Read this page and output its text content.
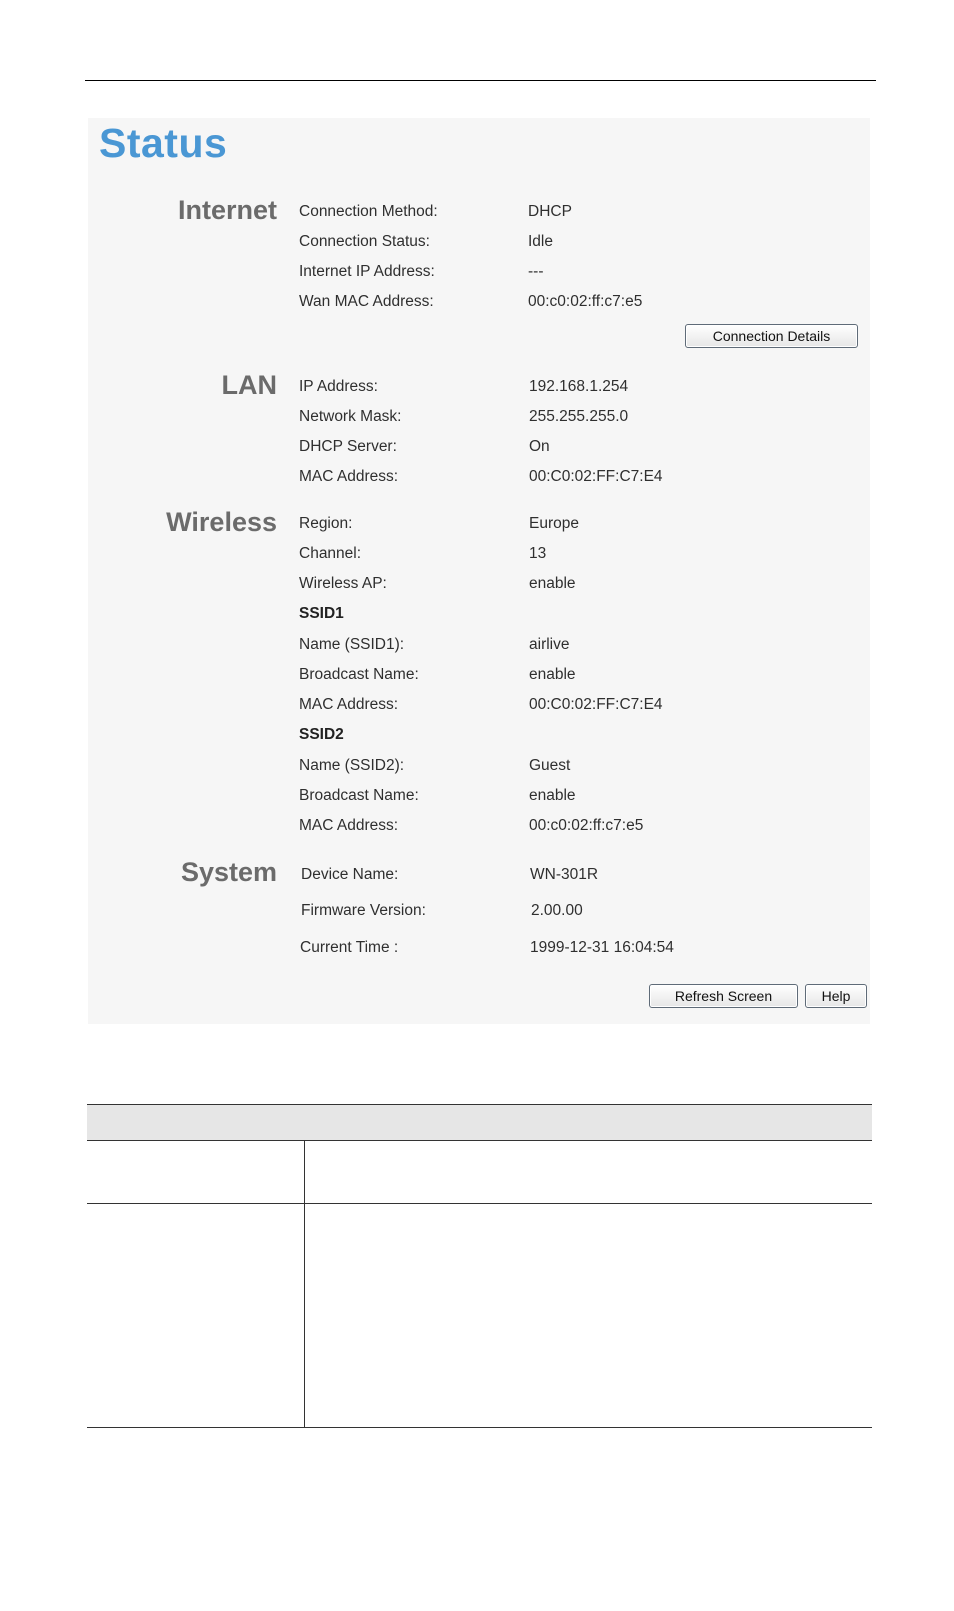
Status
Internet Connection Method:	DHCP
Connection Status:	Idle
Internet IP Address:	---
Wan MAC Address:	00:c0:02:ff:c7:e5
Connection Details
LAN IP Address:	192.168.1.254
Network Mask:	255.255.255.0
DHCP Server:	On
MAC Address:	00:C0:02:FF:C7:E4
Wireless Region:	Europe
Channel:	13
Wireless AP:	enable
SSID1
Name (SSID1):	airlive
Broadcast Name:	enable
MAC Address:	00:C0:02:FF:C7:E4
SSID2
Name (SSID2):	Guest
Broadcast Name:	enable
MAC Address:	00:c0:02:ff:c7:e5
System Device Name:	WN-301R
Firmware Version:	2.00.00
Current Time :	1999-12-31 16:04:54
Refresh Screen	Help
